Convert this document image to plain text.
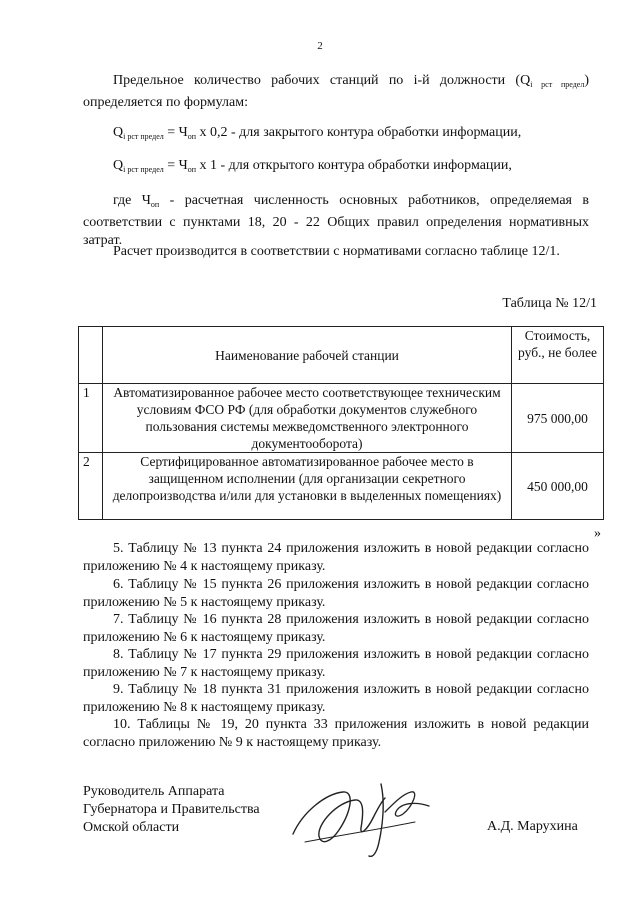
2
Предельное количество рабочих станций по i-й должности $(Q_{i рст предел})$ определяется по формулам:
$Q_{i рст предел} = Ч_{оп}$ x 0,2 - для закрытого контура обработки информации,
$Q_{i рст предел} = Ч_{оп}$ x 1 - для открытого контура обработки информации,
где $Ч_{оп}$ - расчетная численность основных работников, определяемая в соответствии с пунктами 18, 20 - 22 Общих правил определения нормативных затрат.
Расчет производится в соответствии с нормативами согласно таблице 12/1.
Таблица № 12/1
	Наименование рабочей станции	Стоимость, руб., не более
1	Автоматизированное рабочее место соответствующее техническим условиям ФСО РФ (для обработки документов служебного пользования системы межведомственного электронного документооборота)	975 000,00
2	Сертифицированное автоматизированное рабочее место в защищенном исполнении (для организации секретного делопроизводства и/или для установки в выделенных помещениях)	450 000,00
»
5. Таблицу № 13 пункта 24 приложения изложить в новой редакции согласно приложению № 4 к настоящему приказу.
6. Таблицу № 15 пункта 26 приложения изложить в новой редакции согласно приложению № 5 к настоящему приказу.
7. Таблицу № 16 пункта 28 приложения изложить в новой редакции согласно приложению № 6 к настоящему приказу.
8. Таблицу № 17 пункта 29 приложения изложить в новой редакции согласно приложению № 7 к настоящему приказу.
9. Таблицу № 18 пункта 31 приложения изложить в новой редакции согласно приложению № 8 к настоящему приказу.
10. Таблицы № 19, 20 пункта 33 приложения изложить в новой редакции согласно приложению № 9 к настоящему приказу.
Руководитель Аппарата
Губернатора и Правительства
Омской области	А.Д. Марухина
